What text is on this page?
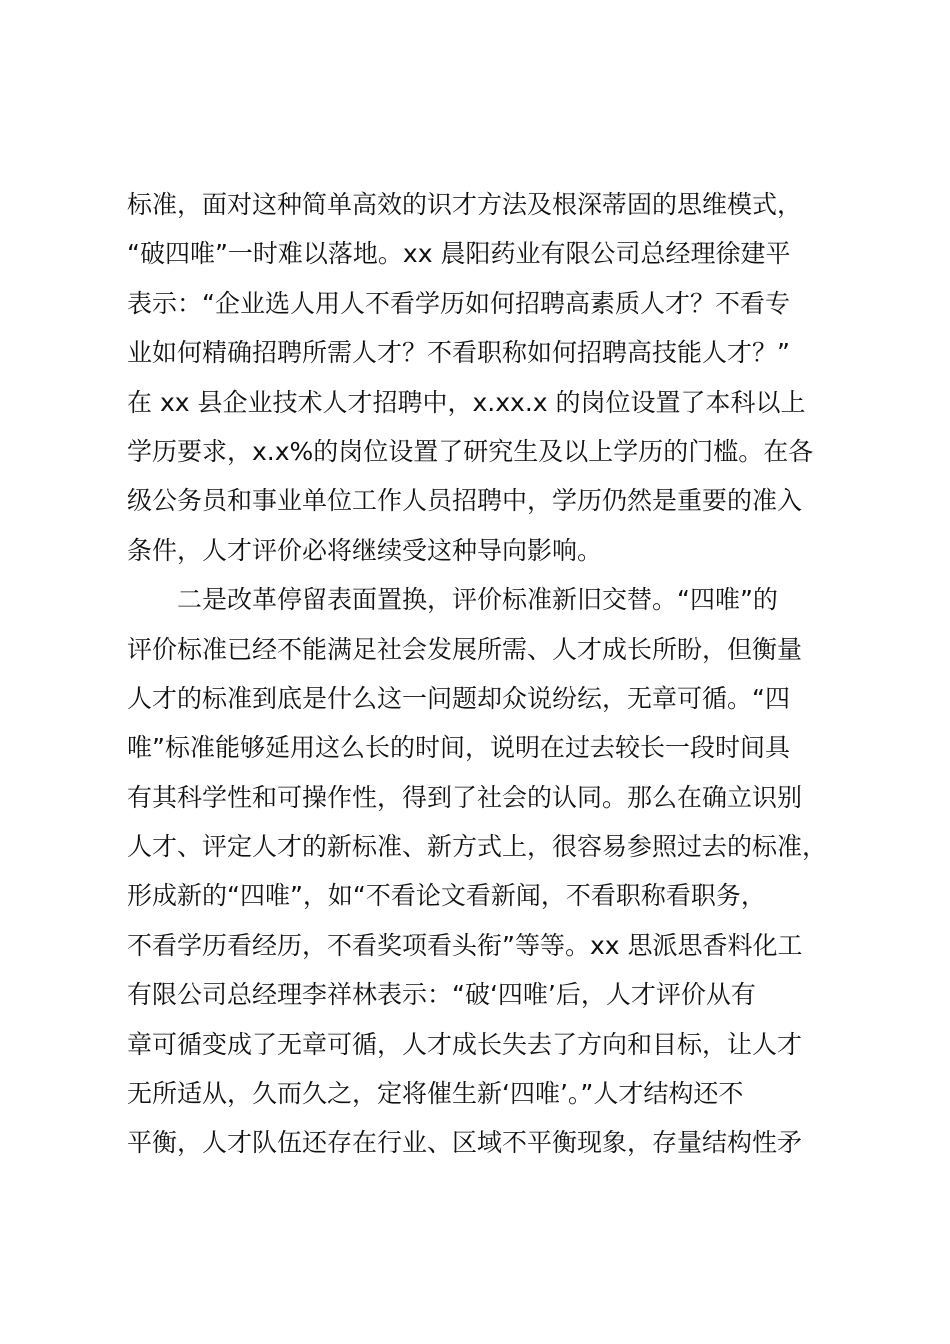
标准，面对这种简单高效的识才方法及根深蒂固的思维模式，
“破四唯”一时难以落地。xx 晨阳药业有限公司总经理徐建平
表示：“企业选人用人不看学历如何招聘高素质人才？不看专
业如何精确招聘所需人才？不看职称如何招聘高技能人才？”
在 xx 县企业技术人才招聘中，x.xx.x 的岗位设置了本科以上
学历要求，x.x%的岗位设置了研究生及以上学历的门槛。在各
级公务员和事业单位工作人员招聘中，学历仍然是重要的准入
条件，人才评价必将继续受这种导向影响。
　　二是改革停留表面置换，评价标准新旧交替。“四唯”的
评价标准已经不能满足社会发展所需、人才成长所盼，但衡量
人才的标准到底是什么这一问题却众说纷纭，无章可循。“四
唯”标准能够延用这么长的时间，说明在过去较长一段时间具
有其科学性和可操作性，得到了社会的认同。那么在确立识别
人才、评定人才的新标准、新方式上，很容易参照过去的标准，
形成新的“四唯”，如“不看论文看新闻，不看职称看职务，
不看学历看经历，不看奖项看头衔”等等。xx 思派思香料化工
有限公司总经理李祥林表示：“破‘四唯’后，人才评价从有
章可循变成了无章可循，人才成长失去了方向和目标，让人才
无所适从，久而久之，定将催生新‘四唯’。”人才结构还不
平衡，人才队伍还存在行业、区域不平衡现象，存量结构性矛
